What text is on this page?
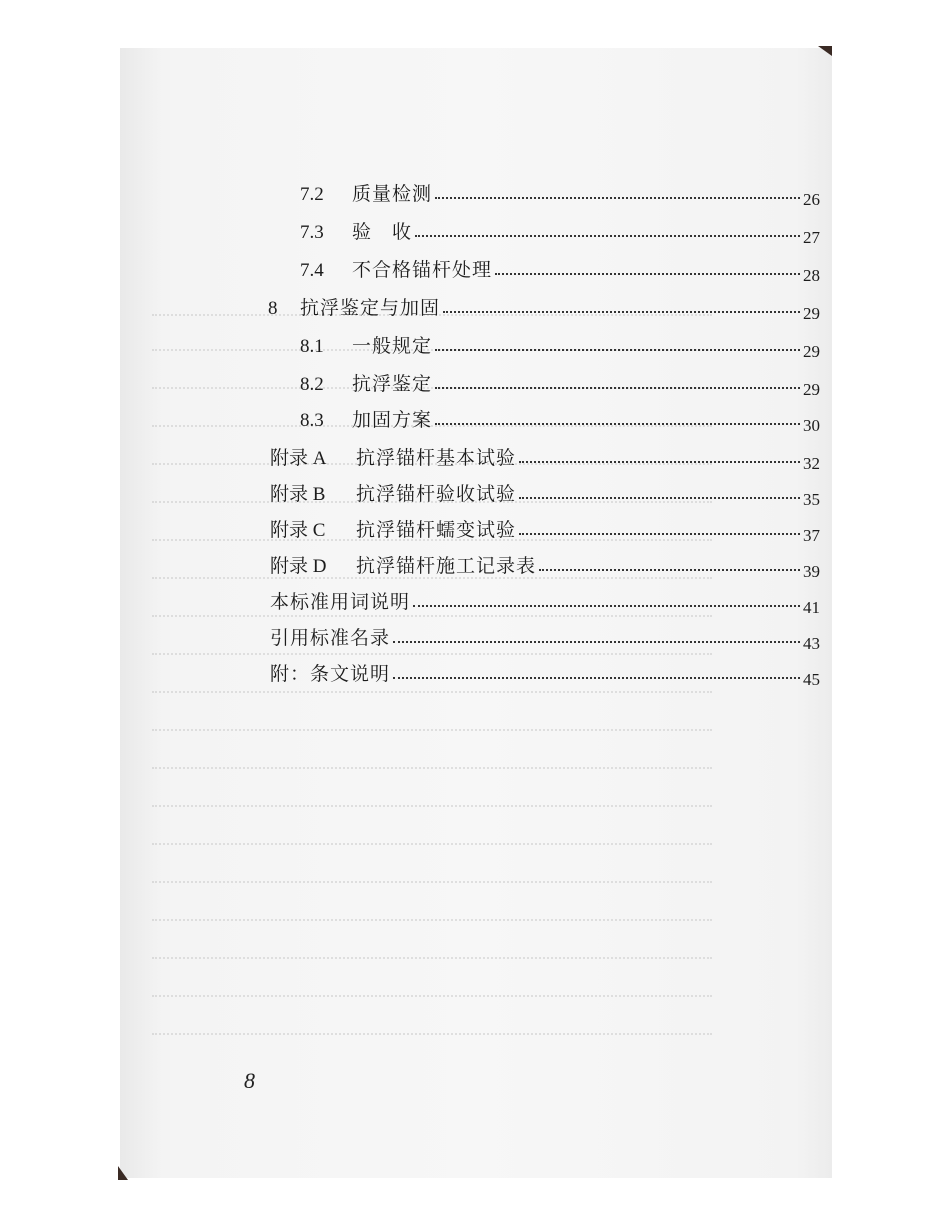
7.2	质量检测	26
7.3	验　收	27
7.4	不合格锚杆处理	28
8	抗浮鉴定与加固	29
8.1	一般规定	29
8.2	抗浮鉴定	29
8.3	加固方案	30
附录 A	抗浮锚杆基本试验	32
附录 B	抗浮锚杆验收试验	35
附录 C	抗浮锚杆蠕变试验	37
附录 D	抗浮锚杆施工记录表	39
本标准用词说明	41
引用标准名录	43
附：条文说明	45
8
